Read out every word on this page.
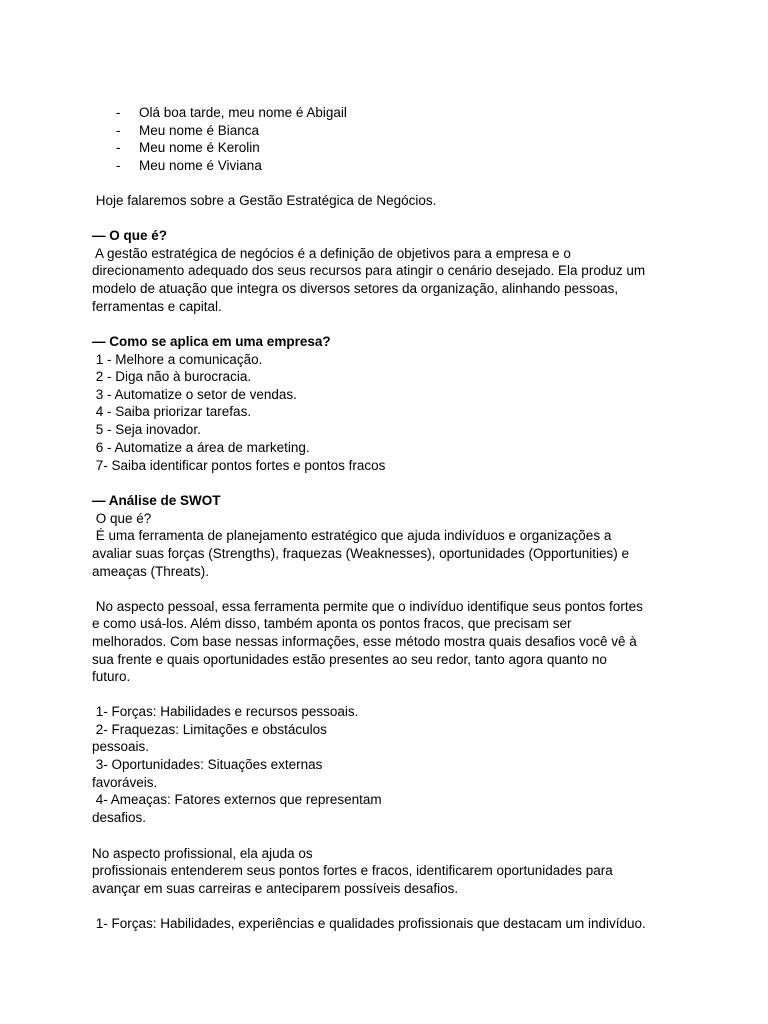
- Olá boa tarde, meu nome é Abigail
- Meu nome é Bianca
- Meu nome é Kerolin
- Meu nome é Viviana
Hoje falaremos sobre a Gestão Estratégica de Negócios.
— O que é?
A gestão estratégica de negócios é a definição de objetivos para a empresa e o
direcionamento adequado dos seus recursos para atingir o cenário desejado. Ela produz um
modelo de atuação que integra os diversos setores da organização, alinhando pessoas,
ferramentas e capital.
— Como se aplica em uma empresa?
1 - Melhore a comunicação.
2 - Diga não à burocracia.
3 - Automatize o setor de vendas.
4 - Saiba priorizar tarefas.
5 - Seja inovador.
6 - Automatize a área de marketing.
7- Saiba identificar pontos fortes e pontos fracos
— Análise de SWOT
O que é?
É uma ferramenta de planejamento estratégico que ajuda indivíduos e organizações a
avaliar suas forças (Strengths), fraquezas (Weaknesses), oportunidades (Opportunities) e
ameaças (Threats).
No aspecto pessoal, essa ferramenta permite que o indivíduo identifique seus pontos fortes
e como usá-los. Além disso, também aponta os pontos fracos, que precisam ser
melhorados. Com base nessas informações, esse método mostra quais desafios você vê à
sua frente e quais oportunidades estão presentes ao seu redor, tanto agora quanto no
futuro.
1- Forças: Habilidades e recursos pessoais.
2- Fraquezas: Limitações e obstáculos
pessoais.
3- Oportunidades: Situações externas
favoráveis.
4- Ameaças: Fatores externos que representam
desafios.
No aspecto profissional, ela ajuda os
profissionais entenderem seus pontos fortes e fracos, identificarem oportunidades para
avançar em suas carreiras e anteciparem possíveis desafios.
1- Forças: Habilidades, experiências e qualidades profissionais que destacam um indivíduo.
